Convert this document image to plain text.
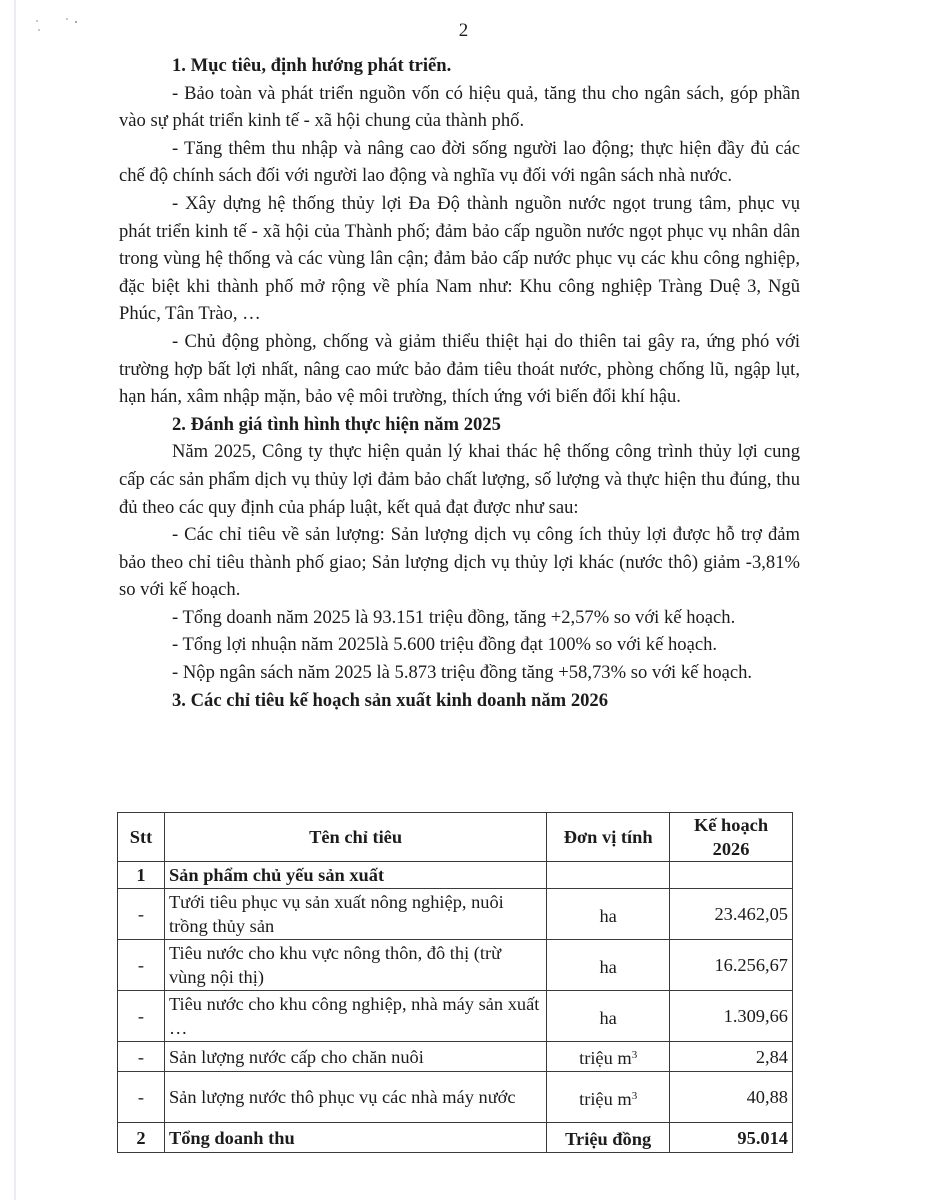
2
1. Mục tiêu, định hướng phát triển.

- Bảo toàn và phát triển nguồn vốn có hiệu quả, tăng thu cho ngân sách, góp phần vào sự phát triển kinh tế - xã hội chung của thành phố.

- Tăng thêm thu nhập và nâng cao đời sống người lao động; thực hiện đầy đủ các chế độ chính sách đối với người lao động và nghĩa vụ đối với ngân sách nhà nước.

- Xây dựng hệ thống thủy lợi Đa Độ thành nguồn nước ngọt trung tâm, phục vụ phát triển kinh tế - xã hội của Thành phố; đảm bảo cấp nguồn nước ngọt phục vụ nhân dân trong vùng hệ thống và các vùng lân cận; đảm bảo cấp nước phục vụ các khu công nghiệp, đặc biệt khi thành phố mở rộng về phía Nam như: Khu công nghiệp Tràng Duệ 3, Ngũ Phúc, Tân Trào, …

- Chủ động phòng, chống và giảm thiểu thiệt hại do thiên tai gây ra, ứng phó với trường hợp bất lợi nhất, nâng cao mức bảo đảm tiêu thoát nước, phòng chống lũ, ngập lụt, hạn hán, xâm nhập mặn, bảo vệ môi trường, thích ứng với biến đổi khí hậu.

2. Đánh giá tình hình thực hiện năm 2025

Năm 2025, Công ty thực hiện quản lý khai thác hệ thống công trình thủy lợi cung cấp các sản phẩm dịch vụ thủy lợi đảm bảo chất lượng, số lượng và thực hiện thu đúng, thu đủ theo các quy định của pháp luật, kết quả đạt được như sau:

- Các chỉ tiêu về sản lượng: Sản lượng dịch vụ công ích thủy lợi được hỗ trợ đảm bảo theo chỉ tiêu thành phố giao; Sản lượng dịch vụ thủy lợi khác (nước thô) giảm -3,81% so với kế hoạch.

- Tổng doanh năm 2025 là 93.151 triệu đồng, tăng +2,57% so với kế hoạch.

- Tổng lợi nhuận năm 2025là 5.600 triệu đồng đạt 100% so với kế hoạch.

- Nộp ngân sách năm 2025 là 5.873 triệu đồng tăng +58,73% so với kế hoạch.

3. Các chỉ tiêu kế hoạch sản xuất kinh doanh năm 2026
Stt	Tên chỉ tiêu	Đơn vị tính	Kế hoạch 2026
1	Sản phẩm chủ yếu sản xuất		
-	Tưới tiêu phục vụ sản xuất nông nghiệp, nuôi trồng thủy sản	ha	23.462,05
-	Tiêu nước cho khu vực nông thôn, đô thị (trừ vùng nội thị)	ha	16.256,67
-	Tiêu nước cho khu công nghiệp, nhà máy sản xuất …	ha	1.309,66
-	Sản lượng nước cấp cho chăn nuôi	triệu $m^3$	2,84
-	Sản lượng nước thô phục vụ các nhà máy nước	triệu $m^3$	40,88
2	Tổng doanh thu	Triệu đồng	95.014
